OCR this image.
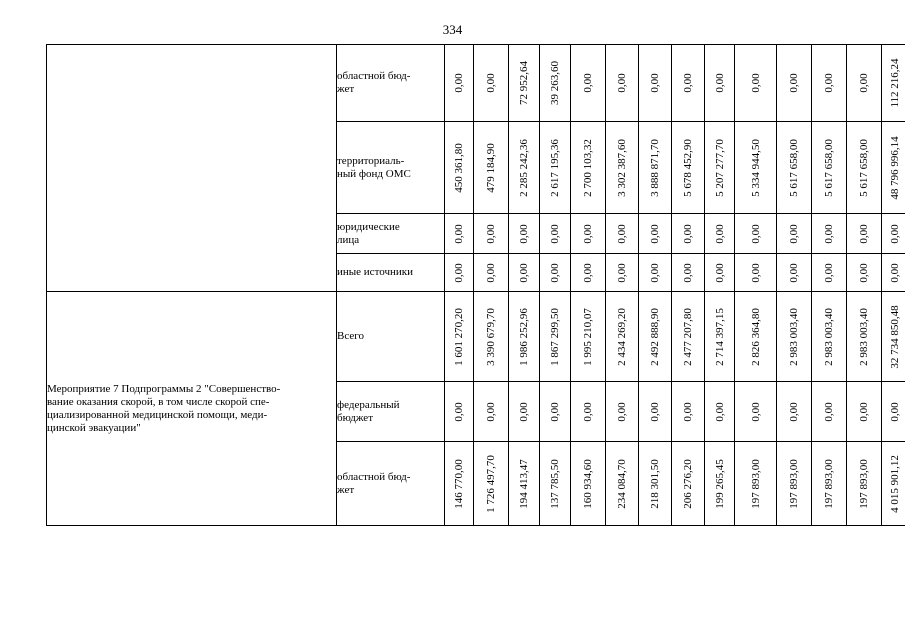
334
	областной бюд-
жет	0,00	0,00	72 952,64	39 263,60	0,00	0,00	0,00	0,00	0,00	0,00	0,00	0,00	0,00	112 216,24

	территориаль-
ный фонд ОМС	450 361,80	479 184,90	2 285 242,36	2 617 195,36	2 700 103,32	3 302 387,60	3 888 871,70	5 678 452,90	5 207 277,70	5 334 944,50	5 617 658,00	5 617 658,00	5 617 658,00	48 796 996,14

	юридические
лица	0,00	0,00	0,00	0,00	0,00	0,00	0,00	0,00	0,00	0,00	0,00	0,00	0,00	0,00

	иные источники	0,00	0,00	0,00	0,00	0,00	0,00	0,00	0,00	0,00	0,00	0,00	0,00	0,00	0,00

Мероприятие 7 Подпрограммы 2 "Совершенство-
вание оказания скорой, в том числе скорой спе-
циализированной медицинской помощи, меди-
цинской эвакуации"	Всего	1 601 270,20	3 390 679,70	1 986 252,96	1 867 299,50	1 995 210,07	2 434 269,20	2 492 888,90	2 477 207,80	2 714 397,15	2 826 364,80	2 983 003,40	2 983 003,40	2 983 003,40	32 734 850,48

	федеральный
бюджет	0,00	0,00	0,00	0,00	0,00	0,00	0,00	0,00	0,00	0,00	0,00	0,00	0,00	0,00

	областной бюд-
жет	146 770,00	1 726 497,70	194 413,47	137 785,50	160 934,60	234 084,70	218 301,50	206 276,20	199 265,45	197 893,00	197 893,00	197 893,00	197 893,00	4 015 901,12
